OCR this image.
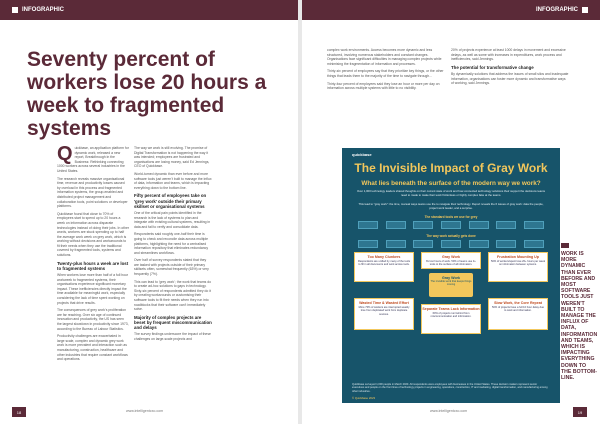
INFOGRAPHIC	INFOGRAPHIC
Seventy percent of workers lose 20 hours a week to fragmented systems

Quickbase, an application platform for dynamic work, released a new report, Breakthrough in the Business: Rethinking connecting 1000 workers across several industries in the United States.

The research reveals massive organisational time, revenue and productivity losses caused by overload in this process and fragmented information systems, the group-enabled and distributed project management and collaboration tools, point solutions or developer platforms.

Quickbase found that close to 70% of employees start to spend up to 20 hours a week on information across disparate technologies instead of doing their jobs. In other words, workers are stuck spending up to half the average work week on grey work, which is working without decisions and workarounds to fit their needs when they use the traditional covered by fragmented tools, systems and solutions.

Twenty-plus hours a week are lost to fragmented systems

When workers lose more than half of a full hour workweek to fragmented systems, their organisations experience significant monetary impact. These inefficiencies directly impact the time available for meaningful work, especially considering the lack of time spent working on projects that drive results.

The consequences of grey work's proliferation are far reaching. Over six age of continued innovation and productivity, the US has seen the largest slowdown in productivity since 1973, according to the Bureau of Labour Statistics.

Productivity challenges are exacerbated in large scale, complex and dynamic grey work work is more prevalent and interaction such as manufacturing, construction, healthcare and other industries that require constant workflows and operations.

The way we work is still evolving. The promise of Digital Transformation is not happening the way it was intended; employees are frustrated and organisations are losing money, said Ed Jennings, CEO of Quickbase.

World-turned dynamic than ever before and more software tools just weren't built to manage the influx of data, information and teams, which is impacting everything down to the bottom line.

Fifty percent of employees take on 'grey work' outside their primary skillset or organisational systems

One of the critical pain points identified in the research is the lack of systems to plan and integrate with existing cultural systems, resulting in data and fail to verify and consolidate data.

Respondents said roughly one-half their time is going to check and reconcile data across multiple platforms, highlighting the need for a centralised information repository that eliminates redundancy and streamlines workflows.

Over half of survey respondents stated that they are tasked with projects outside of their primary skillsets often, somewhat frequently (63%) or very frequently (7%).

This can lead to 'grey work'; the work that teams do to create ad-hoc solutions to gaps in technology. Sixty-six percent of respondents admitted they do it by creating workarounds or customising their software tools to fit their needs when they run into roadblocks that their software can't immediately solve.

Majority of complex projects are beset by frequent miscommunication and delays

The survey findings underscore the impact of these challenges on large-scale projects and

complex work environments. Access becomes more dynamic and less structured, involving numerous stakeholders and constant changes. Organisations face significant difficulties in managing complex projects while minimising the fragmentation of information and processes.

Thirty-six percent of employees say that they prioritize key things, or the other things that leads them to the majority of the time to navigate through...

Thirty-four percent of employees said they lose an hour or more per day on information across multiple systems with little to no visibility.

20% of projects experience at least 1000 delays in movement and excessive delays, as well as some with increases in expenditures, work process and inefficiencies, said Jennings.

The potential for transformative change

By dynamically solutions that address the issues of small silos and inadequate information, organisations can foster more dynamic and transformative ways of working, said Jennings.

quickbase
The Invisible Impact of Gray Work
What lies beneath the surface of the modern way we work?
Over 1,000 technology leaders shared thoughts on their current state of work and how connected technology solutions their support the decisions teams need to made to make their work frictionless or highly complex fake at the teams.
This lead to "gray work": the time, manual ways teams use the to navigate their technology. Report reveals the 6 issues of gray work: data the people, project work leader, and a surprise.
The standard tools we use for grey
The way work actually gets done
Too Many Clunkers
Respondents are unified by many of the tools to fill in all documents and work across tools.
Gray Work
8x lost hours of work. 50% of teams use 3+ tools to the surface of all information.
Frustration Mounting Up
50% of workers/spent lose 20+ hours per week on information between systems.
Gray Work
The invisible work that keeps things moving
Wasted Time & Wasted Effort
More 70% of workers are interrupted weekly time from duplicated work from duplicate sources.
Separate Teams Lack Information
60% of projects run behind from miscommunication and information.
Slow Work, the Core Repeat
50% of projects have a full 10 hour delay due to work and information.
Quickbase surveyed 1,000 people in March 2023. All respondents were employees with businesses in the United States. These decision makers represent senior executives and people on the front lines of technology projects in engineering, operations, construction, IT and marketing, digital transformation, and manufacturing among other industries.
© Quickbase 2023
WORK IS MORE DYNAMIC THAN EVER BEFORE AND MOST SOFTWARE TOOLS JUST WEREN'T BUILT TO MANAGE THE INFLUX OF DATA, INFORMATION AND TEAMS, WHICH IS IMPACTING EVERYTHING DOWN TO THE BOTTOM-LINE.
18	www.intelligentcxo.com	www.intelligentcxo.com	19
